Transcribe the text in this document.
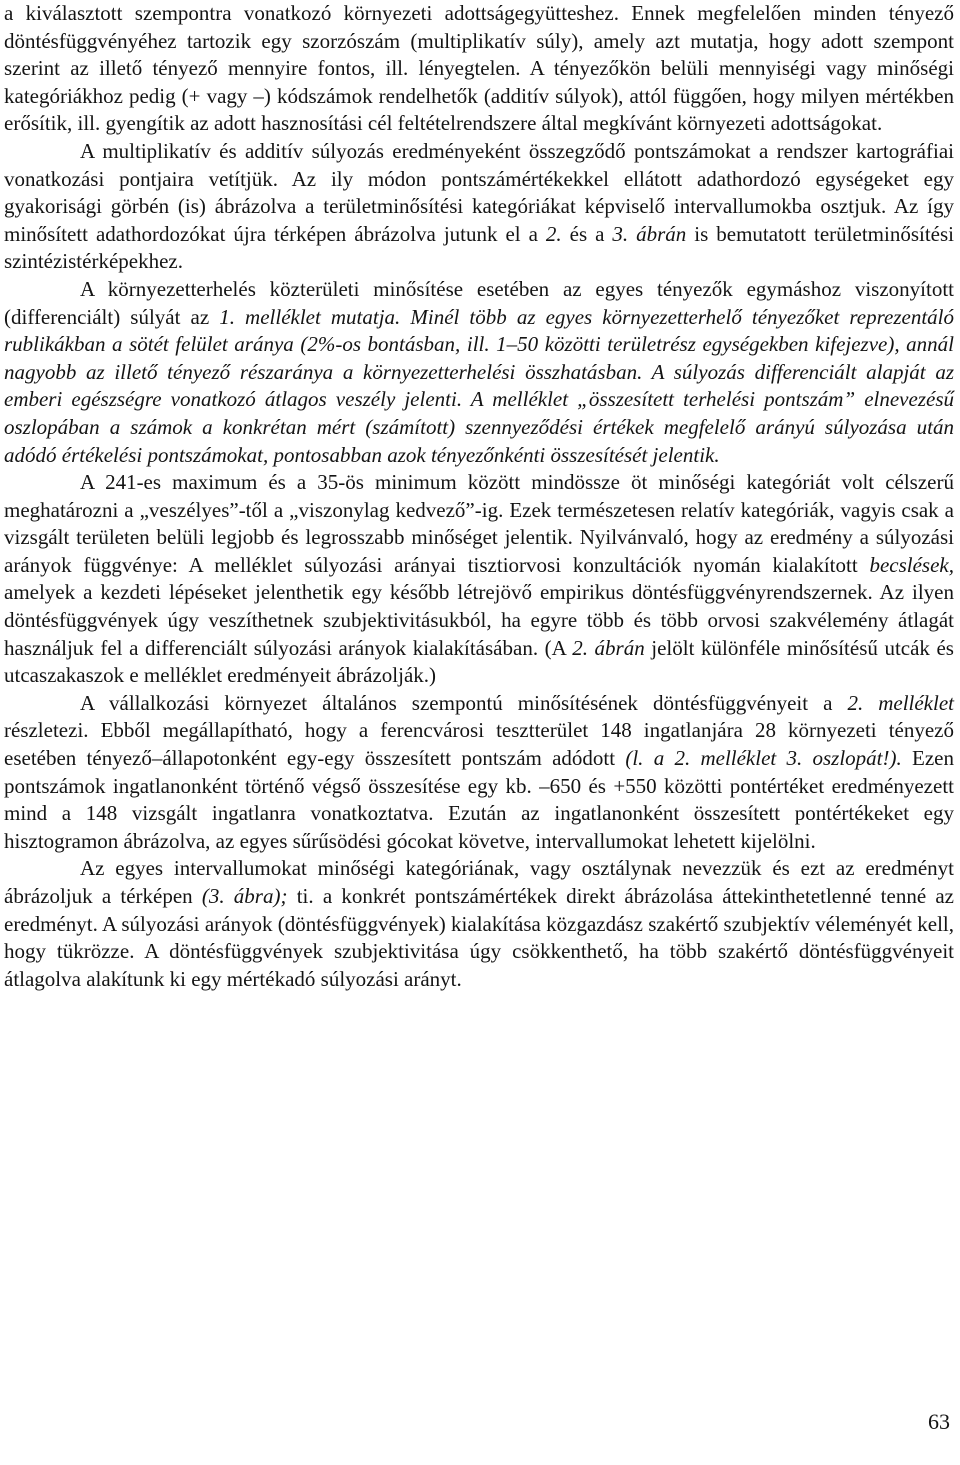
a kiválasztott szempontra vonatkozó környezeti adottságegyütteshez. Ennek megfelelően minden tényező döntésfüggvényéhez tartozik egy szorzószám (multiplikatív súly), amely azt mutatja, hogy adott szempont szerint az illető tényező mennyire fontos, ill. lényegtelen. A tényezőkön belüli mennyiségi vagy minőségi kategóriákhoz pedig (+ vagy –) kódszámok rendelhetők (additív súlyok), attól függően, hogy milyen mértékben erősítik, ill. gyengítik az adott hasznosítási cél feltételrendszere által megkívánt környezeti adottságokat.

A multiplikatív és additív súlyozás eredményeként összegződő pontszámokat a rendszer kartográfiai vonatkozási pontjaira vetítjük. Az ily módon pontszámértékekkel ellátott adathordozó egységeket egy gyakorisági görbén (is) ábrázolva a területminősítési kategóriákat képviselő intervallumokba osztjuk. Az így minősített adathordozókat újra térképen ábrázolva jutunk el a 2. és a 3. ábrán is bemutatott területminősítési szintézistérképekhez.

A környezetterhelés közterületi minősítése esetében az egyes tényezők egymáshoz viszonyított (differenciált) súlyát az 1. melléklet mutatja. Minél több az egyes környezetterhelő tényezőket reprezentáló rublikákban a sötét felület aránya (2%-os bontásban, ill. 1–50 közötti területrész egységekben kifejezve), annál nagyobb az illető tényező részaránya a környezetterhelési összhatásban. A súlyozás differenciált alapját az emberi egészségre vonatkozó átlagos veszély jelenti. A melléklet „összesített terhelési pontszám” elnevezésű oszlopában a számok a konkrétan mért (számított) szennyeződési értékek megfelelő arányú súlyozása után adódó értékelési pontszámokat, pontosabban azok tényezőnkénti összesítését jelentik.

A 241-es maximum és a 35-ös minimum között mindössze öt minőségi kategóriát volt célszerű meghatározni a „veszélyes”-től a „viszonylag kedvező”-ig. Ezek természetesen relatív kategóriák, vagyis csak a vizsgált területen belüli legjobb és legrosszabb minőséget jelentik. Nyilvánvaló, hogy az eredmény a súlyozási arányok függvénye: A melléklet súlyozási arányai tisztiorvosi konzultációk nyomán kialakított becslések, amelyek a kezdeti lépéseket jelenthetik egy később létrejövő empirikus döntésfüggvényrendszernek. Az ilyen döntésfüggvények úgy veszíthetnek szubjektivitásukból, ha egyre több és több orvosi szakvélemény átlagát használjuk fel a differenciált súlyozási arányok kialakításában. (A 2. ábrán jelölt különféle minősítésű utcák és utcaszakaszok e melléklet eredményeit ábrázolják.)

A vállalkozási környezet általános szempontú minősítésének döntésfüggvényeit a 2. melléklet részletezi. Ebből megállapítható, hogy a ferencvárosi tesztterület 148 ingatlanjára 28 környezeti tényező esetében tényező–állapotonként egy-egy összesített pontszám adódott (l. a 2. melléklet 3. oszlopát!). Ezen pontszámok ingatlanonként történő végső összesítése egy kb. –650 és +550 közötti pontértéket eredményezett mind a 148 vizsgált ingatlanra vonatkoztatva. Ezután az ingatlanonként összesített pontértékeket egy hisztogramon ábrázolva, az egyes sűrűsödési gócokat követve, intervallumokat lehetett kijelölni.

Az egyes intervallumokat minőségi kategóriának, vagy osztálynak nevezzük és ezt az eredményt ábrázoljuk a térképen (3. ábra); ti. a konkrét pontszámértékek direkt ábrázolása áttekinthetetlenné tenné az eredményt. A súlyozási arányok (döntésfüggvények) kialakítása közgazdász szakértő szubjektív véleményét kell, hogy tükrözze. A döntésfüggvények szubjektivitása úgy csökkenthető, ha több szakértő döntésfüggvényeit átlagolva alakítunk ki egy mértékadó súlyozási arányt.

63
